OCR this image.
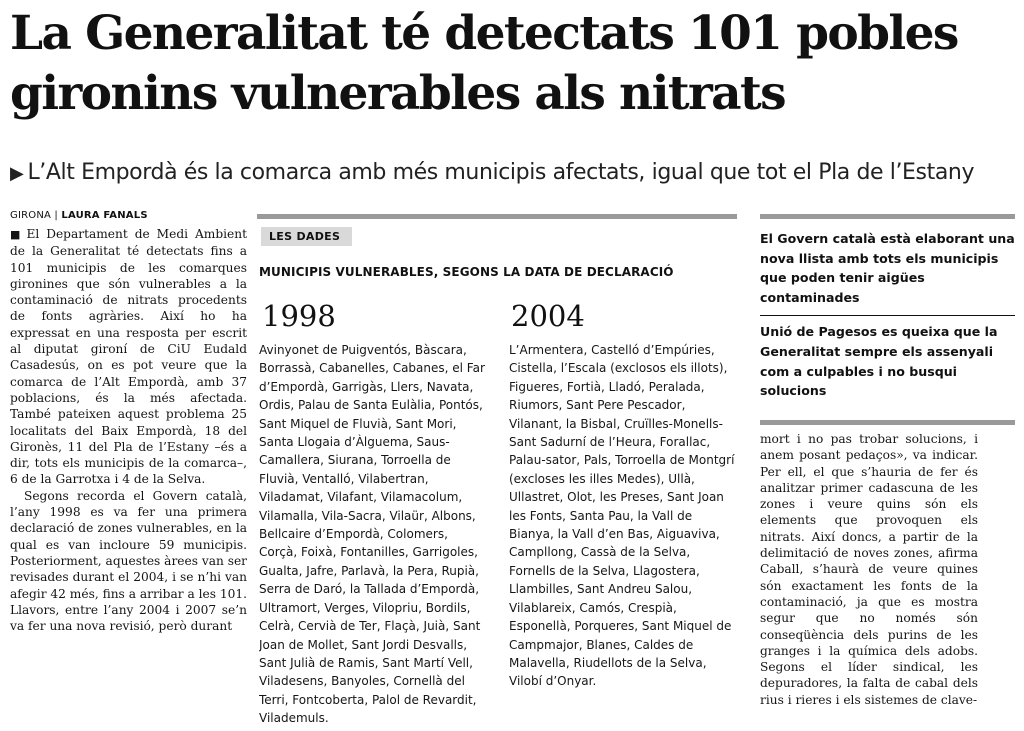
La Generalitat té detectats 101 pobles gironins vulnerables als nitrats
▶ L’Alt Empordà és la comarca amb més municipis afectats, igual que tot el Pla de l’Estany
GIRONA | LAURA FANALS

■ El Departament de Medi Ambient de la Generalitat té detectats fins a 101 municipis de les comarques gironines que són vulnerables a la contaminació de nitrats procedents de fonts agràries. Així ho ha expressat en una resposta per escrit al diputat gironí de CiU Eudald Casadesús, on es pot veure que la comarca de l’Alt Empordà, amb 37 poblacions, és la més afectada. També pateixen aquest problema 25 localitats del Baix Empordà, 18 del Gironès, 11 del Pla de l’Estany –és a dir, tots els municipis de la comarca–, 6 de la Garrotxa i 4 de la Selva.

Segons recorda el Govern català, l’any 1998 es va fer una primera declaració de zones vulnerables, en la qual es van incloure 59 municipis. Posteriorment, aquestes àrees van ser revisades durant el 2004, i se n’hi van afegir 42 més, fins a arribar a les 101. Llavors, entre l’any 2004 i 2007 se’n va fer una nova revisió, però durant

LES DADES
MUNICIPIS VULNERABLES, SEGONS LA DATA DE DECLARACIÓ
1998
Avinyonet de Puigventós, Bàscara, Borrassà, Cabanelles, Cabanes, el Far d’Empordà, Garrigàs, Llers, Navata, Ordis, Palau de Santa Eulàlia, Pontós, Sant Miquel de Fluvià, Sant Mori, Santa Llogaia d’Àlguema, Saus-Camallera, Siurana, Torroella de Fluvià, Ventalló, Vilabertran, Viladamat, Vilafant, Vilamacolum, Vilamalla, Vila-Sacra, Vilaür, Albons, Bellcaire d’Empordà, Colomers, Corçà, Foixà, Fontanilles, Garrigoles, Gualta, Jafre, Parlavà, la Pera, Rupià, Serra de Daró, la Tallada d’Empordà, Ultramort, Verges, Vilopriu, Bordils, Celrà, Cervià de Ter, Flaçà, Juià, Sant Joan de Mollet, Sant Jordi Desvalls, Sant Julià de Ramis, Sant Martí Vell, Viladesens, Banyoles, Cornellà del Terri, Fontcoberta, Palol de Revardit, Vilademuls.
2004
L’Armentera, Castelló d’Empúries, Cistella, l’Escala (exclosos els illots), Figueres, Fortià, Lladó, Peralada, Riumors, Sant Pere Pescador, Vilanant, la Bisbal, Cruïlles-Monells-Sant Sadurní de l’Heura, Forallac, Palau-sator, Pals, Torroella de Montgrí (excloses les illes Medes), Ullà, Ullastret, Olot, les Preses, Sant Joan les Fonts, Santa Pau, la Vall de Bianya, la Vall d’en Bas, Aiguaviva, Campllong, Cassà de la Selva, Fornells de la Selva, Llagostera, Llambilles, Sant Andreu Salou, Vilablareix, Camós, Crespià, Esponellà, Porqueres, Sant Miquel de Campmajor, Blanes, Caldes de Malavella, Riudellots de la Selva, Vilobí d’Onyar.
El Govern català està elaborant una nova llista amb tots els municipis que poden tenir aigües contaminades
Unió de Pagesos es queixa que la Generalitat sempre els assenyali com a culpables i no busqui solucions

mort i no pas trobar solucions, i anem posant pedaços», va indicar. Per ell, el que s’hauria de fer és analitzar primer cadascuna de les zones i veure quins són els elements que provoquen els nitrats. Així doncs, a partir de la delimitació de noves zones, afirma Caball, s’haurà de veure quines són exactament les fonts de la contaminació, ja que es mostra segur que no només són conseqüència dels purins de les granges i la química dels adobs. Segons el líder sindical, les depuradores, la falta de cabal dels rius i rieres i els sistemes de clave-
